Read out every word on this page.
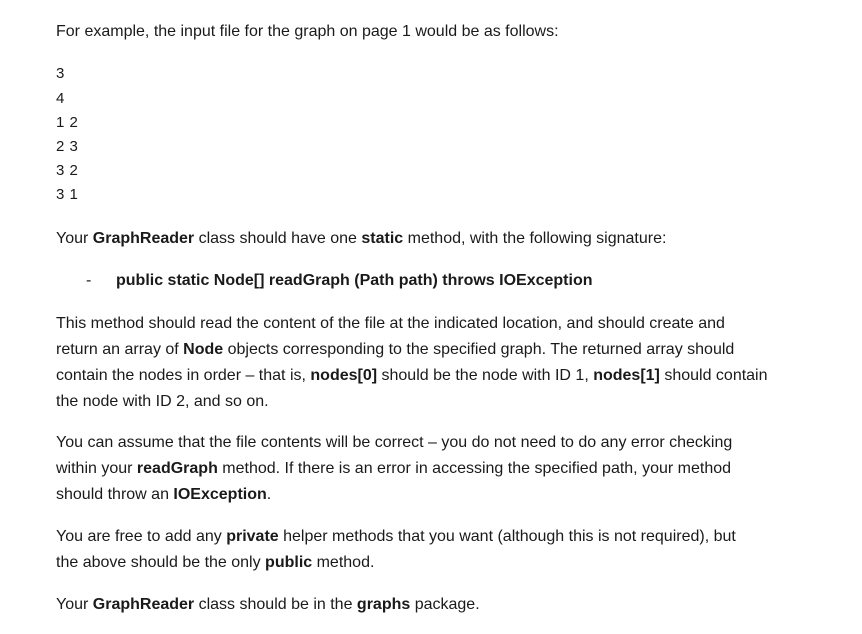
For example, the input file for the graph on page 1 would be as follows:

3

4

1 2

2 3

3 2

3 1

Your GraphReader class should have one static method, with the following signature:

- public static Node[] readGraph (Path path) throws IOException

This method should read the content of the file at the indicated location, and should create and

return an array of Node objects corresponding to the specified graph. The returned array should

contain the nodes in order – that is, nodes[0] should be the node with ID 1, nodes[1] should contain

the node with ID 2, and so on.

You can assume that the file contents will be correct – you do not need to do any error checking

within your readGraph method. If there is an error in accessing the specified path, your method

should throw an IOException.

You are free to add any private helper methods that you want (although this is not required), but

the above should be the only public method.

Your GraphReader class should be in the graphs package.
